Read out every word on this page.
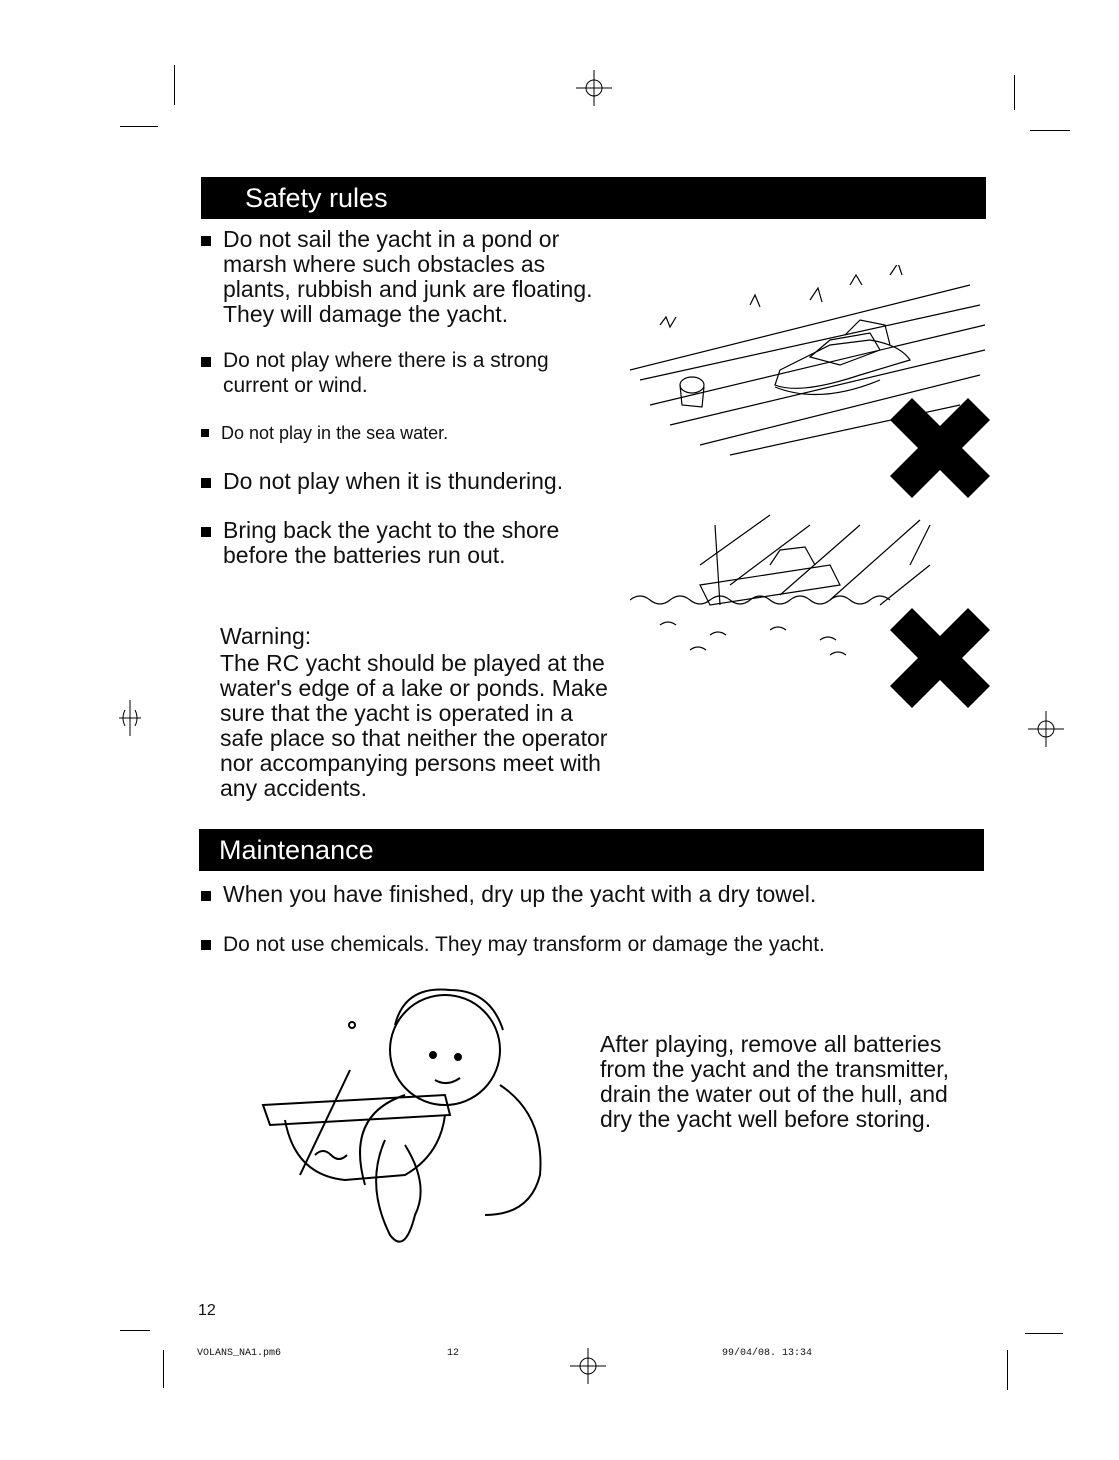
Safety rules
Do not sail the yacht in a pond or marsh where such obstacles as plants, rubbish and junk are floating. They will damage the yacht.
Do not play where there is a strong current or wind.
Do not play in the sea water.
Do not play when it is thundering.
Bring back the yacht to the shore before the batteries run out.
Warning:
The RC yacht should be played at the water's edge of a lake or ponds. Make sure that the yacht is operated in a safe place so that neither the operator nor accompanying persons meet with any accidents.
Maintenance
When you have finished, dry up the yacht with a dry towel.
Do not use chemicals. They may transform or damage the yacht.
After playing, remove all batteries from the yacht and the transmitter, drain the water out of the hull, and dry the yacht well before storing.
12
VOLANS_NA1.pm6	12	99/04/08. 13:34
